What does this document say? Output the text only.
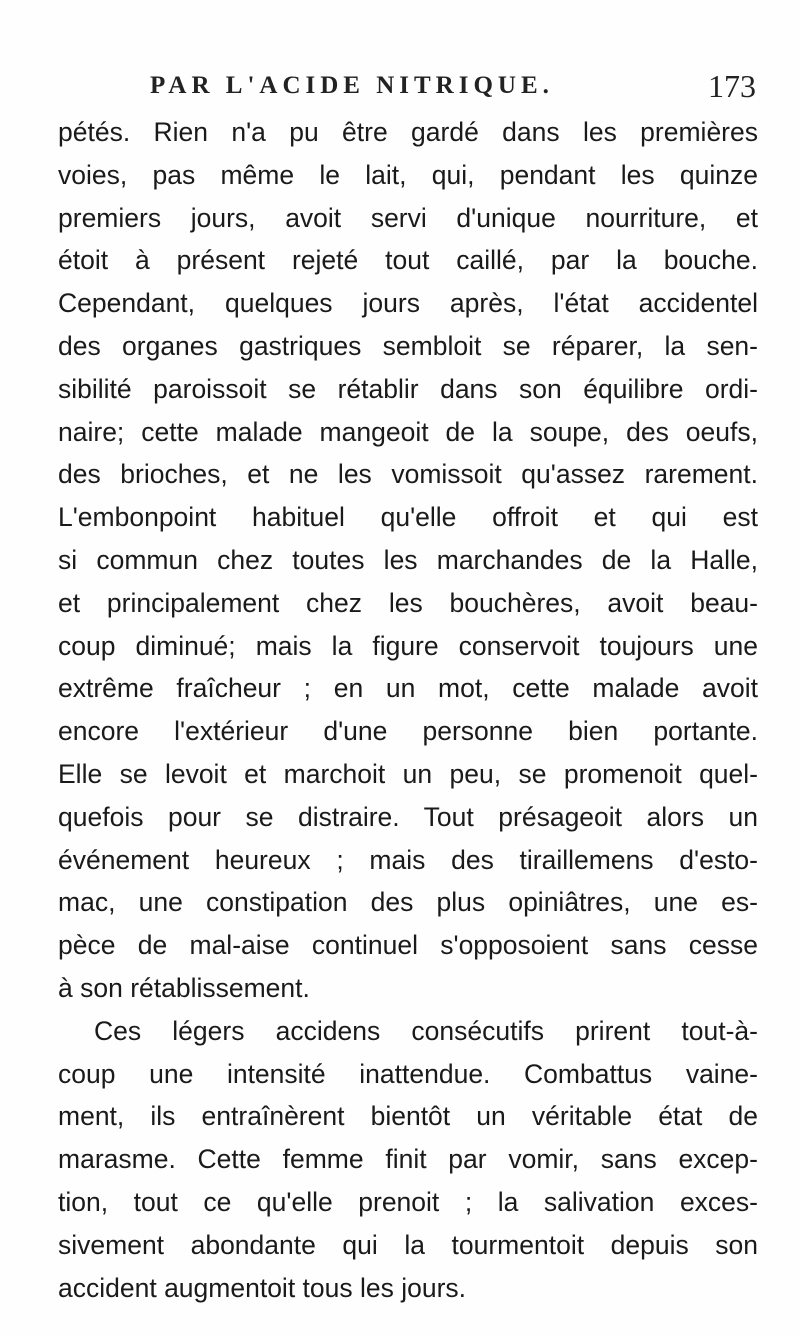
PAR L'ACIDE NITRIQUE.	173
pétés. Rien n'a pu être gardé dans les premières
voies, pas même le lait, qui, pendant les quinze
premiers jours, avoit servi d'unique nourriture, et
étoit à présent rejeté tout caillé, par la bouche.
Cependant, quelques jours après, l'état accidentel
des organes gastriques sembloit se réparer, la sen-
sibilité paroissoit se rétablir dans son équilibre ordi-
naire; cette malade mangeoit de la soupe, des oeufs,
des brioches, et ne les vomissoit qu'assez rarement.
L'embonpoint habituel qu'elle offroit et qui est
si commun chez toutes les marchandes de la Halle,
et principalement chez les bouchères, avoit beau-
coup diminué; mais la figure conservoit toujours une
extrême fraîcheur ; en un mot, cette malade avoit
encore l'extérieur d'une personne bien portante.
Elle se levoit et marchoit un peu, se promenoit quel-
quefois pour se distraire. Tout présageoit alors un
événement heureux ; mais des tiraillemens d'esto-
mac, une constipation des plus opiniâtres, une es-
pèce de mal-aise continuel s'opposoient sans cesse
à son rétablissement.
Ces légers accidens consécutifs prirent tout-à-
coup une intensité inattendue. Combattus vaine-
ment, ils entraînèrent bientôt un véritable état de
marasme. Cette femme finit par vomir, sans excep-
tion, tout ce qu'elle prenoit ; la salivation exces-
sivement abondante qui la tourmentoit depuis son
accident augmentoit tous les jours.
